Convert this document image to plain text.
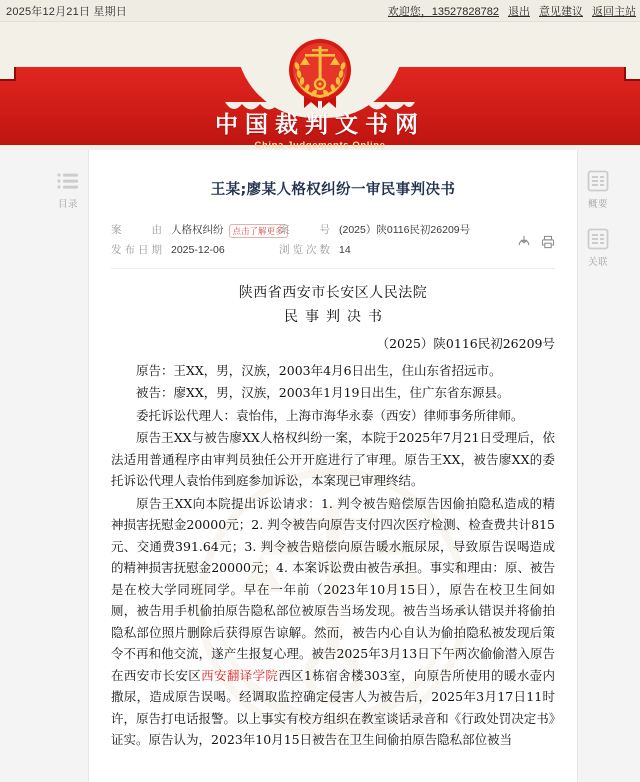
2025年12月21日 星期日	欢迎您，13527828782 退出 意见建议 返回主站
中国裁判文书网
China Judgements Online
目录	概要
关联
王某;廖某人格权纠纷一审民事判决书
案　　由 人格权纠纷	点击了解更多
案　　号 (2025）陕0116民初26209号
发布日期 2025-12-06	浏览次数 14
陕西省西安市长安区人民法院
民事判决书
（2025）陕0116民初26209号

原告：王XX，男，汉族，2003年4月6日出生，住山东省招远市。

被告：廖XX，男，汉族，2003年1月19日出生，住广东省东源县。

委托诉讼代理人：袁怡伟，上海市海华永泰（西安）律师事务所律师。

原告王XX与被告廖XX人格权纠纷一案，本院于2025年7月21日受理后，依法适用普通程序由审判员独任公开开庭进行了审理。原告王XX，被告廖XX的委托诉讼代理人袁怡伟到庭参加诉讼，本案现已审理终结。

原告王XX向本院提出诉讼请求：1. 判令被告赔偿原告因偷拍隐私造成的精神损害抚慰金20000元；2. 判令被告向原告支付四次医疗检测、检查费共计815元、交通费391.64元；3. 判令被告赔偿向原告暖水瓶尿尿，导致原告误喝造成的精神损害抚慰金20000元；4. 本案诉讼费由被告承担。事实和理由：原、被告是在校大学同班同学。早在一年前（2023年10月15日），原告在校卫生间如厕，被告用手机偷拍原告隐私部位被原告当场发现。被告当场承认错误并将偷拍隐私部位照片删除后获得原告谅解。然而，被告内心自认为偷拍隐私被发现后策令不再和他交流，遂产生报复心理。被告2025年3月13日下午两次偷偷潜入原告在西安市长安区西安翻译学院西区1栋宿舍楼303室，向原告所使用的暖水壶内撒尿，造成原告误喝。经调取监控确定侵害人为被告后，2025年3月17日11时许，原告打电话报警。以上事实有校方组织在教室谈话录音和《行政处罚决定书》证实。原告认为，2023年10月15日被告在卫生间偷拍原告隐私部位被当
